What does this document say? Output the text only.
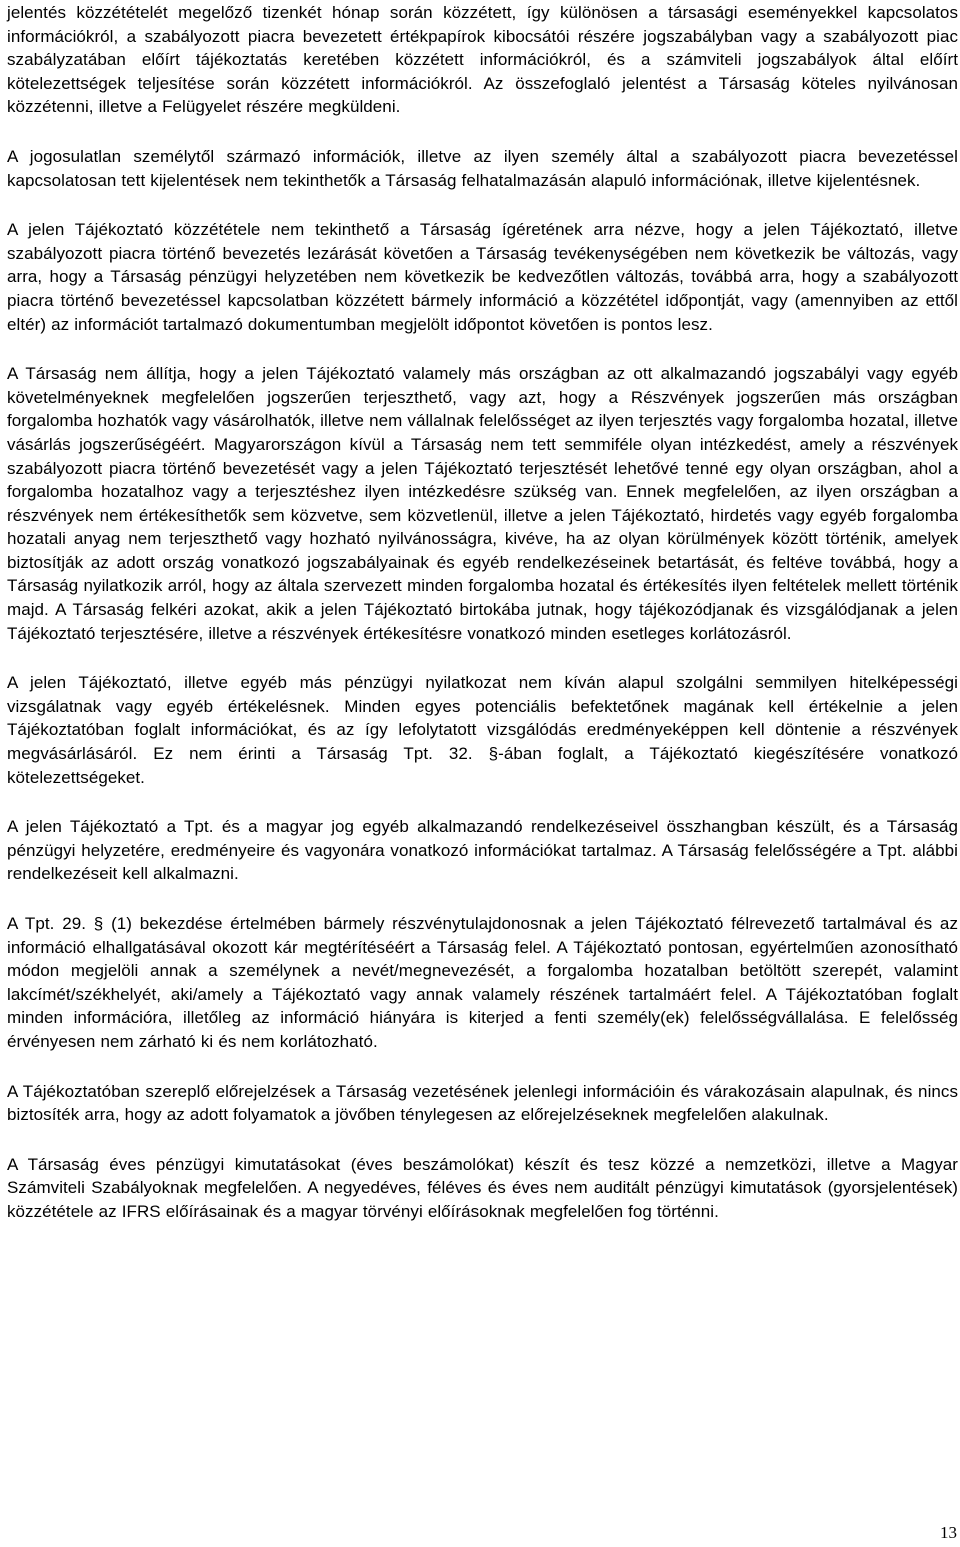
jelentés közzétételét megelőző tizenkét hónap során közzétett, így különösen a társasági eseményekkel kapcsolatos információkról, a szabályozott piacra bevezetett értékpapírok kibocsátói részére jogszabályban vagy a szabályozott piac szabályzatában előírt tájékoztatás keretében közzétett információkról, és a számviteli jogszabályok által előírt kötelezettségek teljesítése során közzétett információkról. Az összefoglaló jelentést a Társaság köteles nyilvánosan közzétenni, illetve a Felügyelet részére megküldeni.

A jogosulatlan személytől származó információk, illetve az ilyen személy által a szabályozott piacra bevezetéssel kapcsolatosan tett kijelentések nem tekinthetők a Társaság felhatalmazásán alapuló információnak, illetve kijelentésnek.

A jelen Tájékoztató közzététele nem tekinthető a Társaság ígéretének arra nézve, hogy a jelen Tájékoztató, illetve szabályozott piacra történő bevezetés lezárását követően a Társaság tevékenységében nem következik be változás, vagy arra, hogy a Társaság pénzügyi helyzetében nem következik be kedvezőtlen változás, továbbá arra, hogy a szabályozott piacra történő bevezetéssel kapcsolatban közzétett bármely információ a közzététel időpontját, vagy (amennyiben az ettől eltér) az információt tartalmazó dokumentumban megjelölt időpontot követően is pontos lesz.

A Társaság nem állítja, hogy a jelen Tájékoztató valamely más országban az ott alkalmazandó jogszabályi vagy egyéb követelményeknek megfelelően jogszerűen terjeszthető, vagy azt, hogy a Részvények jogszerűen más országban forgalomba hozhatók vagy vásárolhatók, illetve nem vállalnak felelősséget az ilyen terjesztés vagy forgalomba hozatal, illetve vásárlás jogszerűségéért. Magyarországon kívül a Társaság nem tett semmiféle olyan intézkedést, amely a részvények szabályozott piacra történő bevezetését vagy a jelen Tájékoztató terjesztését lehetővé tenné egy olyan országban, ahol a forgalomba hozatalhoz vagy a terjesztéshez ilyen intézkedésre szükség van. Ennek megfelelően, az ilyen országban a részvények nem értékesíthetők sem közvetve, sem közvetlenül, illetve a jelen Tájékoztató, hirdetés vagy egyéb forgalomba hozatali anyag nem terjeszthető vagy hozható nyilvánosságra, kivéve, ha az olyan körülmények között történik, amelyek biztosítják az adott ország vonatkozó jogszabályainak és egyéb rendelkezéseinek betartását, és feltéve továbbá, hogy a Társaság nyilatkozik arról, hogy az általa szervezett minden forgalomba hozatal és értékesítés ilyen feltételek mellett történik majd. A Társaság felkéri azokat, akik a jelen Tájékoztató birtokába jutnak, hogy tájékozódjanak és vizsgálódjanak a jelen Tájékoztató terjesztésére, illetve a részvények értékesítésre vonatkozó minden esetleges korlátozásról.

A jelen Tájékoztató, illetve egyéb más pénzügyi nyilatkozat nem kíván alapul szolgálni semmilyen hitelképességi vizsgálatnak vagy egyéb értékelésnek. Minden egyes potenciális befektetőnek magának kell értékelnie a jelen Tájékoztatóban foglalt információkat, és az így lefolytatott vizsgálódás eredményeképpen kell döntenie a részvények megvásárlásáról. Ez nem érinti a Társaság Tpt. 32. §-ában foglalt, a Tájékoztató kiegészítésére vonatkozó kötelezettségeket.

A jelen Tájékoztató a Tpt. és a magyar jog egyéb alkalmazandó rendelkezéseivel összhangban készült, és a Társaság pénzügyi helyzetére, eredményeire és vagyonára vonatkozó információkat tartalmaz. A Társaság felelősségére a Tpt. alábbi rendelkezéseit kell alkalmazni.

A Tpt. 29. § (1) bekezdése értelmében bármely részvénytulajdonosnak a jelen Tájékoztató félrevezető tartalmával és az információ elhallgatásával okozott kár megtérítéséért a Társaság felel. A Tájékoztató pontosan, egyértelműen azonosítható módon megjelöli annak a személynek a nevét/megnevezését, a forgalomba hozatalban betöltött szerepét, valamint lakcímét/székhelyét, aki/amely a Tájékoztató vagy annak valamely részének tartalmáért felel. A Tájékoztatóban foglalt minden információra, illetőleg az információ hiányára is kiterjed a fenti személy(ek) felelősségvállalása. E felelősség érvényesen nem zárható ki és nem korlátozható.

A Tájékoztatóban szereplő előrejelzések a Társaság vezetésének jelenlegi információin és várakozásain alapulnak, és nincs biztosíték arra, hogy az adott folyamatok a jövőben ténylegesen az előrejelzéseknek megfelelően alakulnak.

A Társaság éves pénzügyi kimutatásokat (éves beszámolókat) készít és tesz közzé a nemzetközi, illetve a Magyar Számviteli Szabályoknak megfelelően. A negyedéves, féléves és éves nem auditált pénzügyi kimutatások (gyorsjelentések) közzététele az IFRS előírásainak és a magyar törvényi előírásoknak megfelelően fog történni.

13
